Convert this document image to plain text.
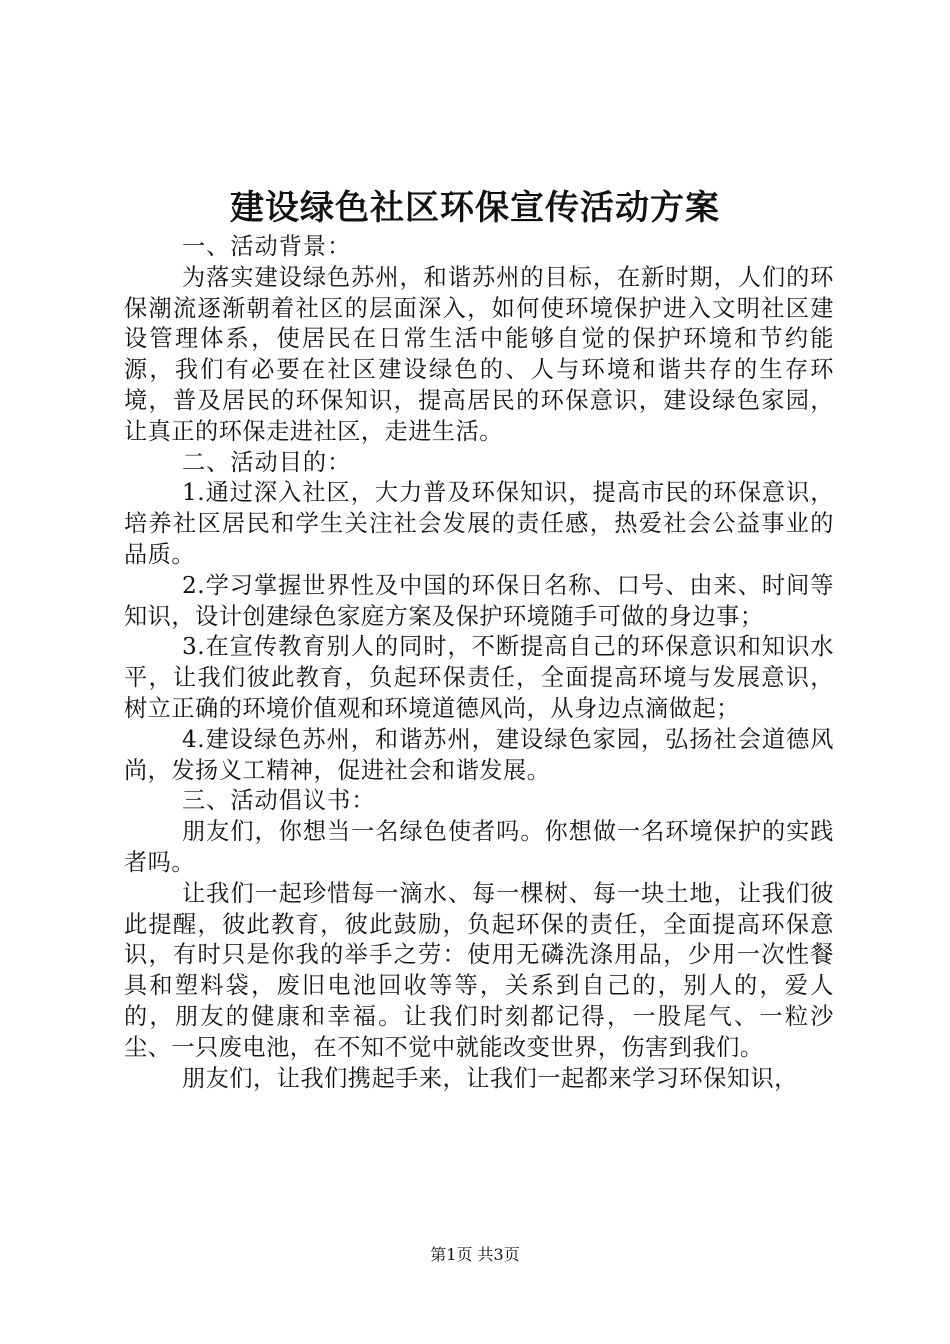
建设绿色社区环保宣传活动方案

一、活动背景：

为落实建设绿色苏州，和谐苏州的目标，在新时期，人们的环保潮流逐渐朝着社区的层面深入，如何使环境保护进入文明社区建设管理体系，使居民在日常生活中能够自觉的保护环境和节约能源，我们有必要在社区建设绿色的、人与环境和谐共存的生存环境，普及居民的环保知识，提高居民的环保意识，建设绿色家园，让真正的环保走进社区，走进生活。

二、活动目的：

1.通过深入社区，大力普及环保知识，提高市民的环保意识，培养社区居民和学生关注社会发展的责任感，热爱社会公益事业的品质。

2.学习掌握世界性及中国的环保日名称、口号、由来、时间等知识，设计创建绿色家庭方案及保护环境随手可做的身边事；

3.在宣传教育别人的同时，不断提高自己的环保意识和知识水平，让我们彼此教育，负起环保责任，全面提高环境与发展意识，树立正确的环境价值观和环境道德风尚，从身边点滴做起；

4.建设绿色苏州，和谐苏州，建设绿色家园，弘扬社会道德风尚，发扬义工精神，促进社会和谐发展。

三、活动倡议书：

朋友们，你想当一名绿色使者吗。你想做一名环境保护的实践者吗。

让我们一起珍惜每一滴水、每一棵树、每一块土地，让我们彼此提醒，彼此教育，彼此鼓励，负起环保的责任，全面提高环保意识，有时只是你我的举手之劳：使用无磷洗涤用品，少用一次性餐具和塑料袋，废旧电池回收等等，关系到自己的，别人的，爱人的，朋友的健康和幸福。让我们时刻都记得，一股尾气、一粒沙尘、一只废电池，在不知不觉中就能改变世界，伤害到我们。

朋友们，让我们携起手来，让我们一起都来学习环保知识，

第1页 共3页
